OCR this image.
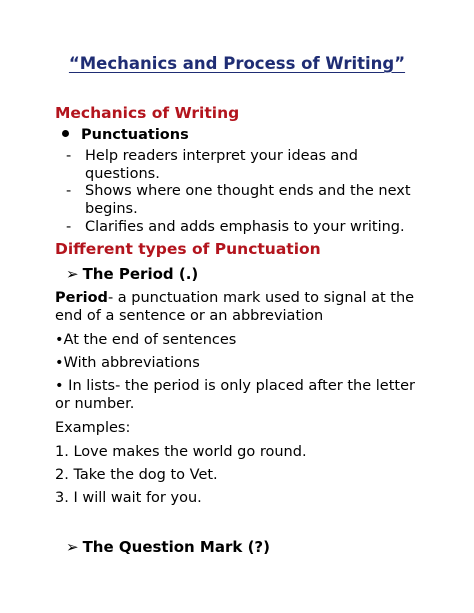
“Mechanics and Process of Writing”
Mechanics of Writing
Punctuations
- Help readers interpret your ideas and questions.
- Shows where one thought ends and the next begins.
- Clarifies and adds emphasis to your writing.
Different types of Punctuation
➢ The Period (.)
Period- a punctuation mark used to signal at the end of a sentence or an abbreviation
•At the end of sentences
•With abbreviations
• In lists- the period is only placed after the letter or number.
Examples:
1. Love makes the world go round.
2. Take the dog to Vet.
3. I will wait for you.
➢ The Question Mark (?)
